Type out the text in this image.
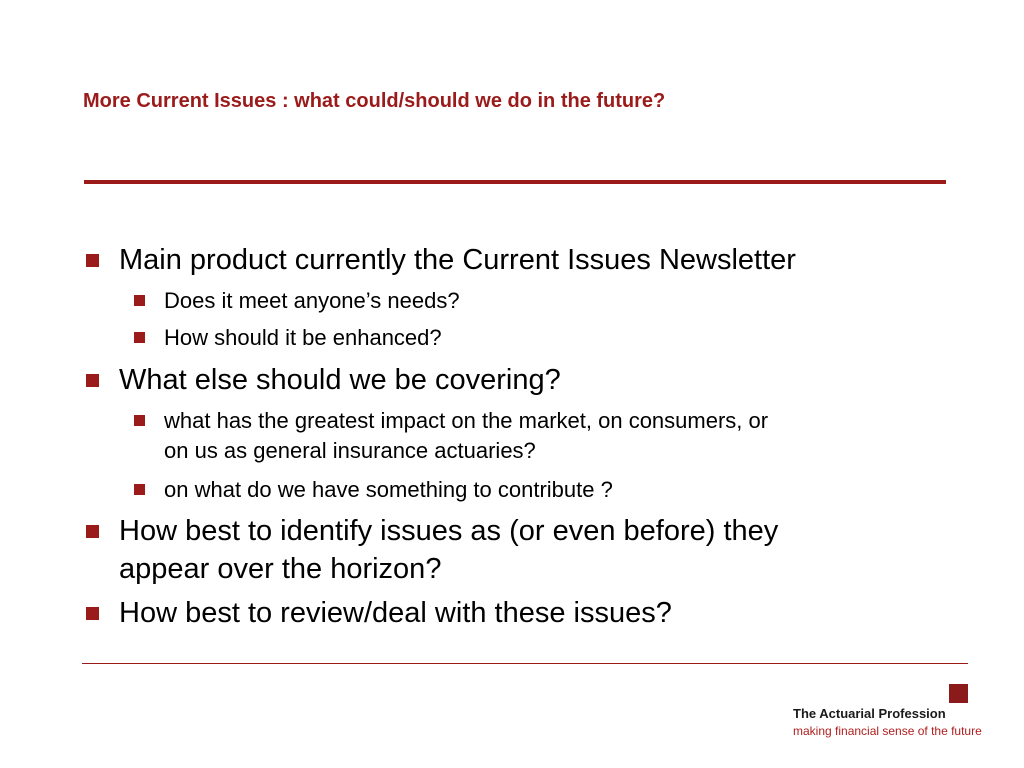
More Current Issues : what could/should we do in the future?
Main product currently the Current Issues Newsletter
Does it meet anyone’s needs?
How should it be enhanced?
What else should we be covering?
what has the greatest impact on the market, on consumers, or
on us as general insurance actuaries?
on what do we have something to contribute ?
How best to identify issues as (or even before) they
appear over the horizon?
How best to review/deal with these issues?
The Actuarial Profession
making financial sense of the future
